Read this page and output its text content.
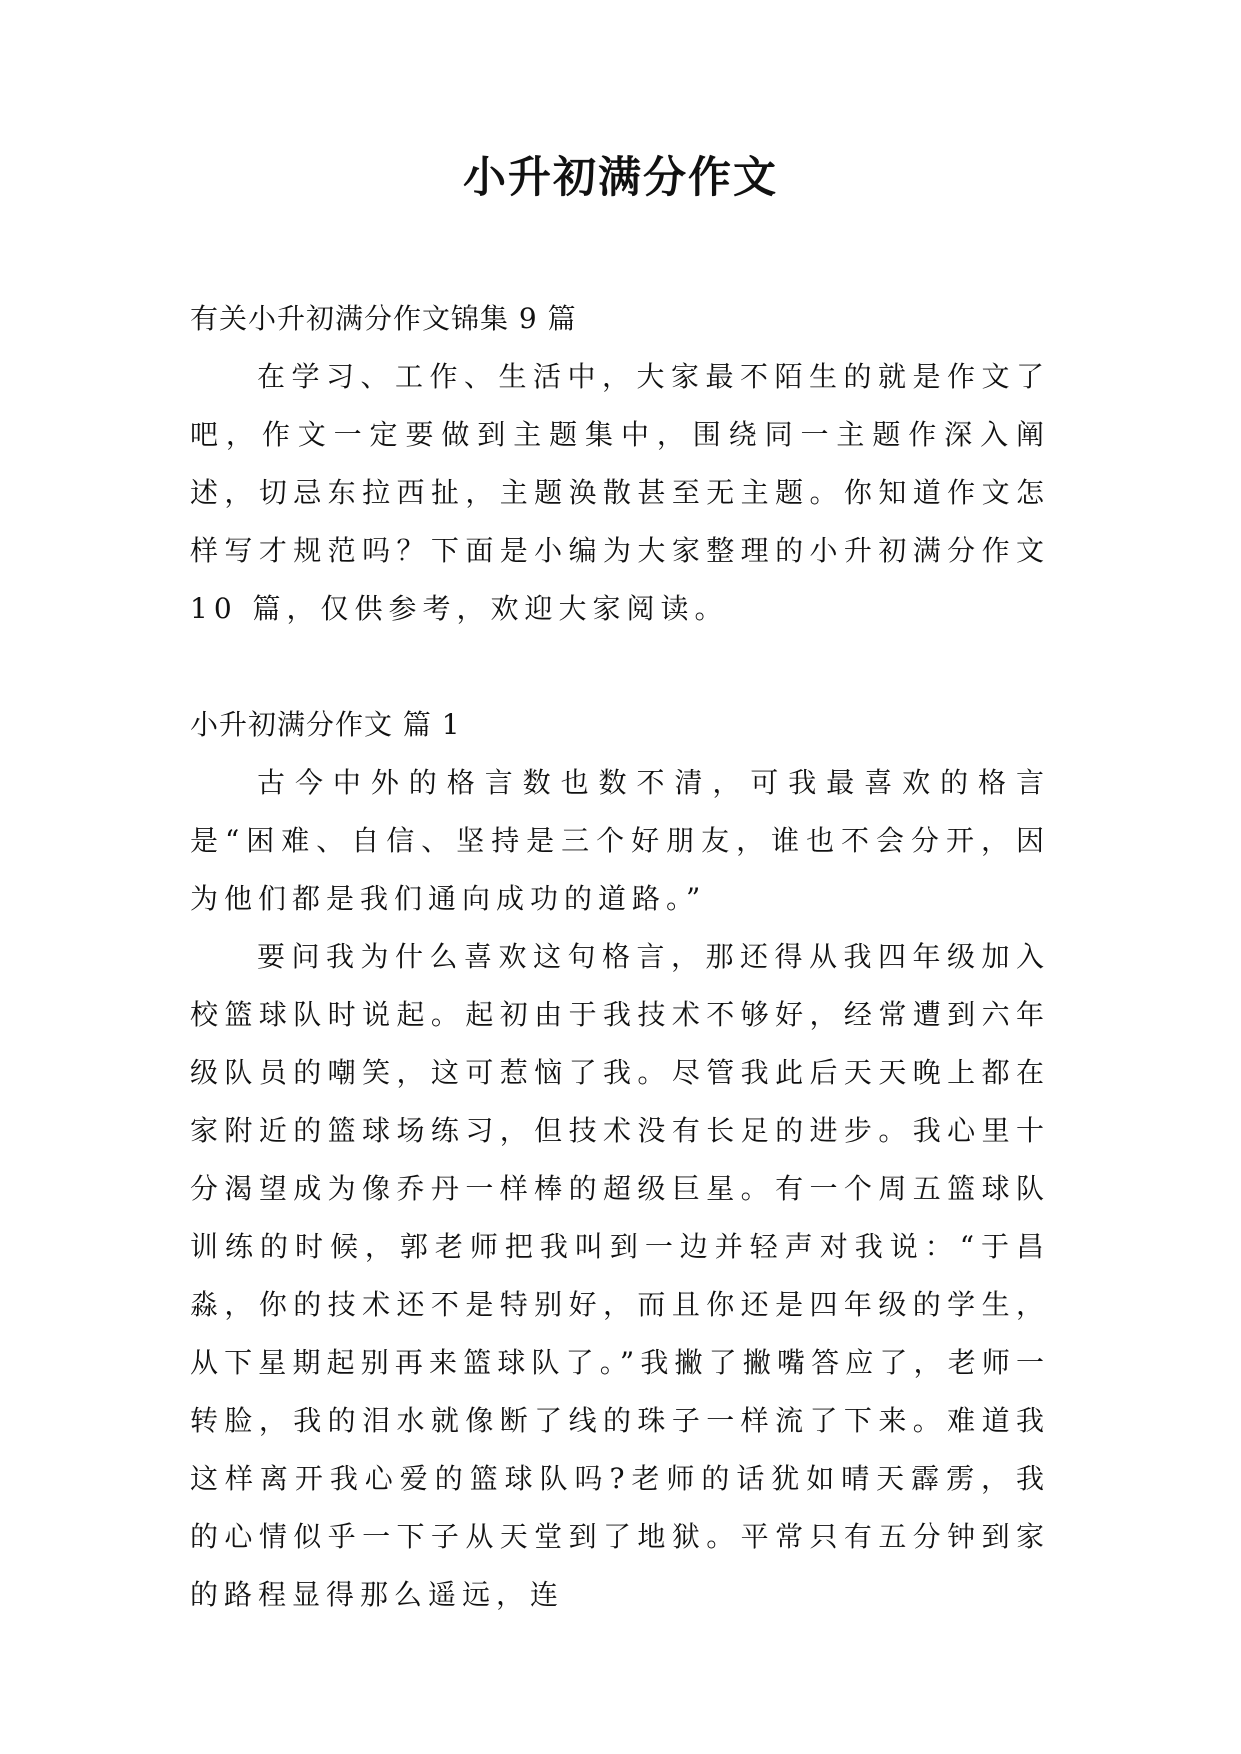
小升初满分作文

有关小升初满分作文锦集 9 篇

在学习、工作、生活中，大家最不陌生的就是作文了吧，作文一定要做到主题集中，围绕同一主题作深入阐述，切忌东拉西扯，主题涣散甚至无主题。你知道作文怎样写才规范吗？下面是小编为大家整理的小升初满分作文 10 篇，仅供参考，欢迎大家阅读。

小升初满分作文 篇 1

古今中外的格言数也数不清，可我最喜欢的格言是“困难、自信、坚持是三个好朋友，谁也不会分开，因为他们都是我们通向成功的道路。”

要问我为什么喜欢这句格言，那还得从我四年级加入校篮球队时说起。起初由于我技术不够好，经常遭到六年级队员的嘲笑，这可惹恼了我。尽管我此后天天晚上都在家附近的篮球场练习，但技术没有长足的进步。我心里十分渴望成为像乔丹一样棒的超级巨星。有一个周五篮球队训练的时候，郭老师把我叫到一边并轻声对我说：“于昌淼，你的技术还不是特别好，而且你还是四年级的学生，从下星期起别再来篮球队了。”我撇了撇嘴答应了，老师一转脸，我的泪水就像断了线的珠子一样流了下来。难道我这样离开我心爱的篮球队吗?老师的话犹如晴天霹雳，我的心情似乎一下子从天堂到了地狱。平常只有五分钟到家的路程显得那么遥远，连
